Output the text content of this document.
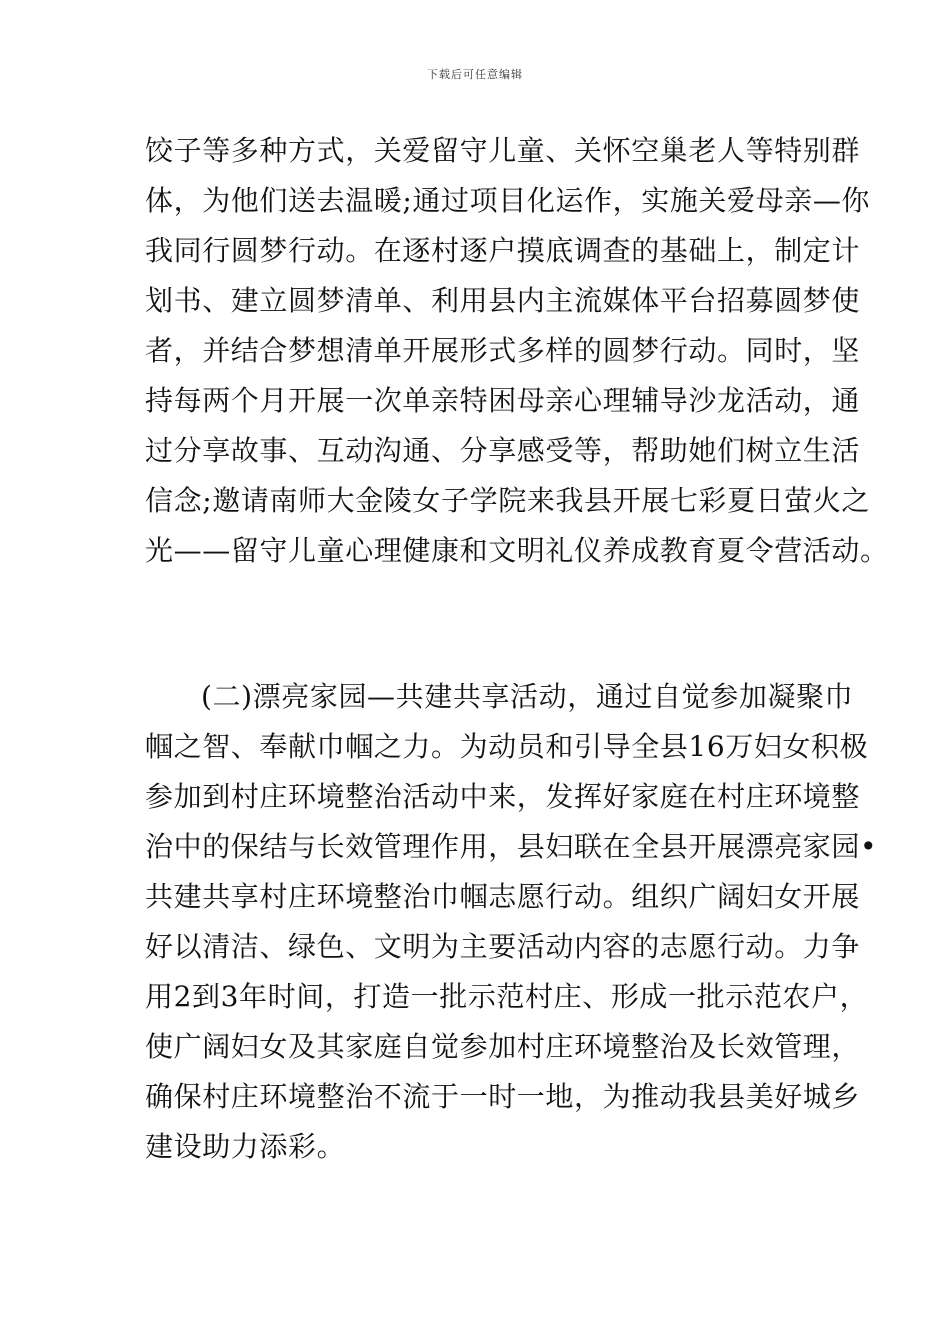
下载后可任意编辑
饺子等多种方式，关爱留守儿童、关怀空巢老人等特别群
体，为他们送去温暖;通过项目化运作，实施关爱母亲—你
我同行圆梦行动。在逐村逐户摸底调查的基础上，制定计
划书、建立圆梦清单、利用县内主流媒体平台招募圆梦使
者，并结合梦想清单开展形式多样的圆梦行动。同时，坚
持每两个月开展一次单亲特困母亲心理辅导沙龙活动，通
过分享故事、互动沟通、分享感受等，帮助她们树立生活
信念;邀请南师大金陵女子学院来我县开展七彩夏日萤火之
光——留守儿童心理健康和文明礼仪养成教育夏令营活动。
(二)漂亮家园—共建共享活动，通过自觉参加凝聚巾
帼之智、奉献巾帼之力。为动员和引导全县16万妇女积极
参加到村庄环境整治活动中来，发挥好家庭在村庄环境整
治中的保结与长效管理作用，县妇联在全县开展漂亮家园•
共建共享村庄环境整治巾帼志愿行动。组织广阔妇女开展
好以清洁、绿色、文明为主要活动内容的志愿行动。力争
用2到3年时间，打造一批示范村庄、形成一批示范农户，
使广阔妇女及其家庭自觉参加村庄环境整治及长效管理，
确保村庄环境整治不流于一时一地，为推动我县美好城乡
建设助力添彩。
